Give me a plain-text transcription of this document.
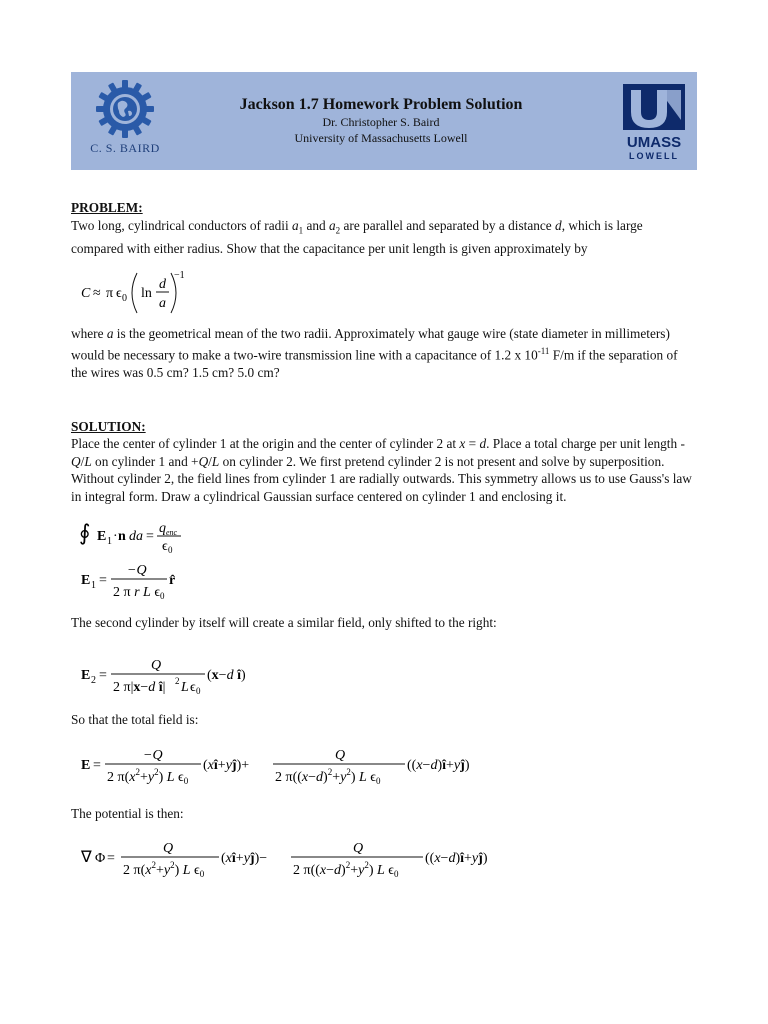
C. S. BAIRD
Jackson 1.7 Homework Problem Solution
Dr. Christopher S. Baird
University of Massachusetts Lowell	UMASS
LOWELL

PROBLEM:

Two long, cylindrical conductors of radii $a_1$ and $a_2$ are parallel and separated by a distance d, which is large compared with either radius. Show that the capacitance per unit length is given approximately by

C ≈ π ϵ 0 ln
d
a
−1

where a is the geometrical mean of the two radii. Approximately what gauge wire (state diameter in millimeters) would be necessary to make a two-wire transmission line with a capacitance of 1.2 x $10^{-11}$ F/m if the separation of the wires was 0.5 cm? 1.5 cm? 5.0 cm?

SOLUTION:

Place the center of cylinder 1 at the origin and the center of cylinder 2 at x = d. Place a total charge per unit length -Q/L on cylinder 1 and +Q/L on cylinder 2. We first pretend cylinder 2 is not present and solve by superposition. Without cylinder 2, the field lines from cylinder 1 are radially outwards. This symmetry allows us to use Gauss's law in integral form. Draw a cylindrical Gaussian surface centered on cylinder 1 and enclosing it.

∮ E 1 · n da =
q enc
ϵ 0
E 1 =
−Q
2 π r L ϵ 0
r̂

The second cylinder by itself will create a similar field, only shifted to the right:

E 2 =
Q
2 π|x−d î| 2 L ϵ 0
(x−d î)

So that the total field is:

E =
−Q
2 $\pi(x^2+y^2)$ L $\epsilon_0$
(xî+yĵ)+
Q
2 $\pi((x-d)^2+y^2)$ L $\epsilon_0$
((x−d)î+yĵ)

The potential is then:

∇ Φ =
Q
2 $\pi(x^2+y^2)$ L $\epsilon_0$
(xî+yĵ)−
Q
2 $\pi((x-d)^2+y^2)$ L $\epsilon_0$
((x−d)î+yĵ)
